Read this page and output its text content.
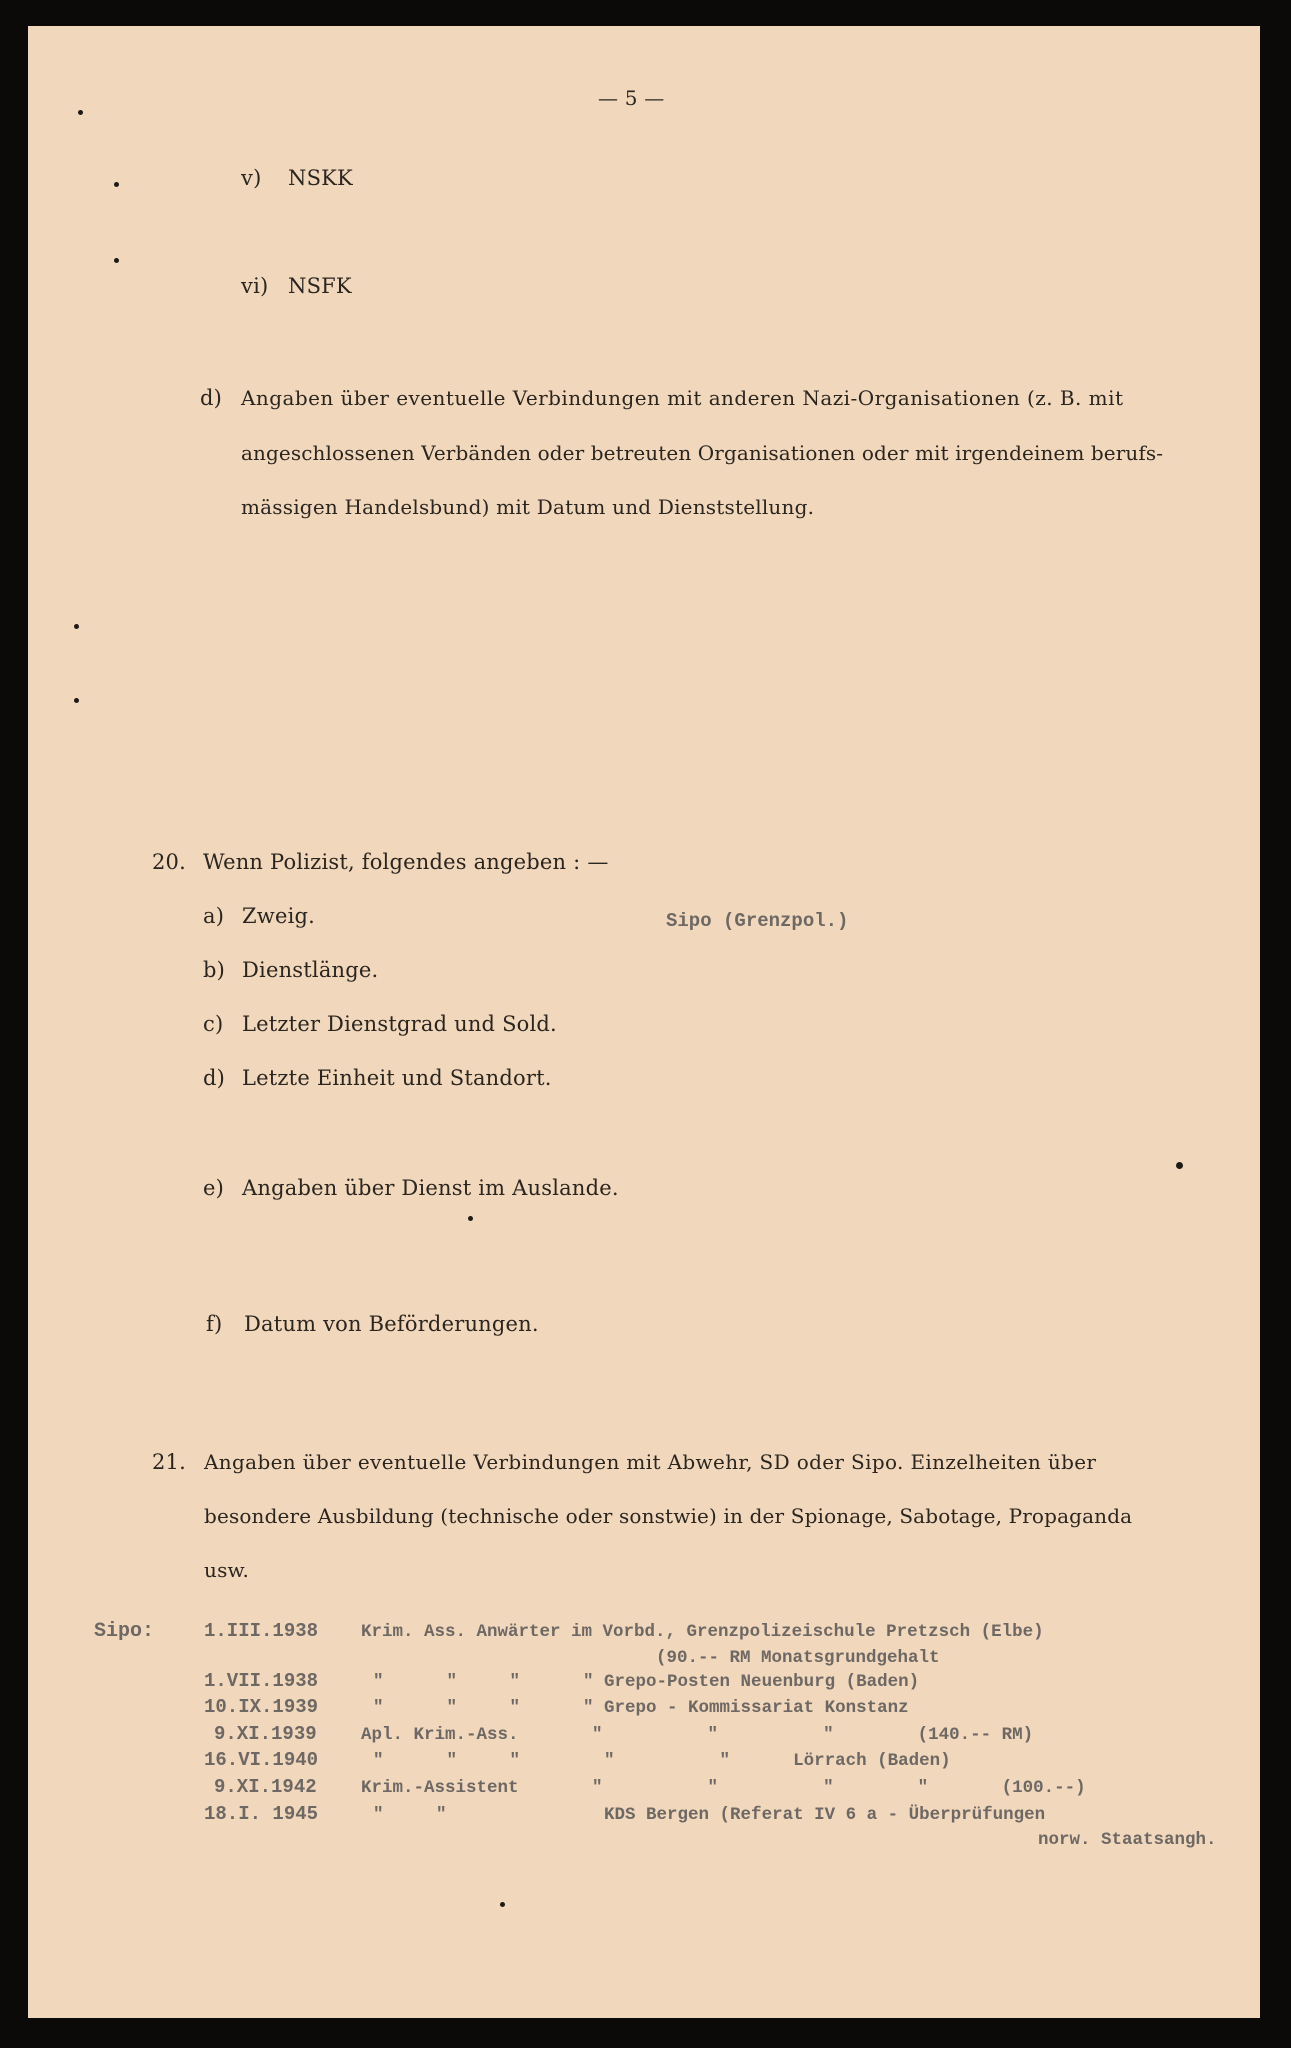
— 5 —
v) NSKK
vi) NSFK
d) Angaben über eventuelle Verbindungen mit anderen Nazi-Organisationen (z. B. mit
angeschlossenen Verbänden oder betreuten Organisationen oder mit irgendeinem berufs-
mässigen Handelsbund) mit Datum und Dienststellung.
20. Wenn Polizist, folgendes angeben : —
a) Zweig.	Sipo (Grenzpol.)
b) Dienstlänge.
c) Letzter Dienstgrad und Sold.
d) Letzte Einheit und Standort.
e) Angaben über Dienst im Auslande.
f) Datum von Beförderungen.
21. Angaben über eventuelle Verbindungen mit Abwehr, SD oder Sipo. Einzelheiten über
besondere Ausbildung (technische oder sonstwie) in der Spionage, Sabotage, Propaganda
usw.
Sipo:	1.III.1938 Krim. Ass. Anwärter im Vorbd., Grenzpolizeischule Pretzsch (Elbe)
(90.-- RM Monatsgrundgehalt
1.VII.1938	"      "     "      " Grepo-Posten Neuenburg (Baden)
10.IX.1939	"      "     "      " Grepo - Kommissariat Konstanz
9.XI.1939	Apl. Krim.-Ass.       "          "          "        (140.-- RM)
16.VI.1940	"      "     "        "          "      Lörrach (Baden)
9.XI.1942	Krim.-Assistent       "          "          "        "       (100.--)
18.I. 1945	"     "               KDS Bergen (Referat IV 6 a - Überprüfungen
norw. Staatsangh.
